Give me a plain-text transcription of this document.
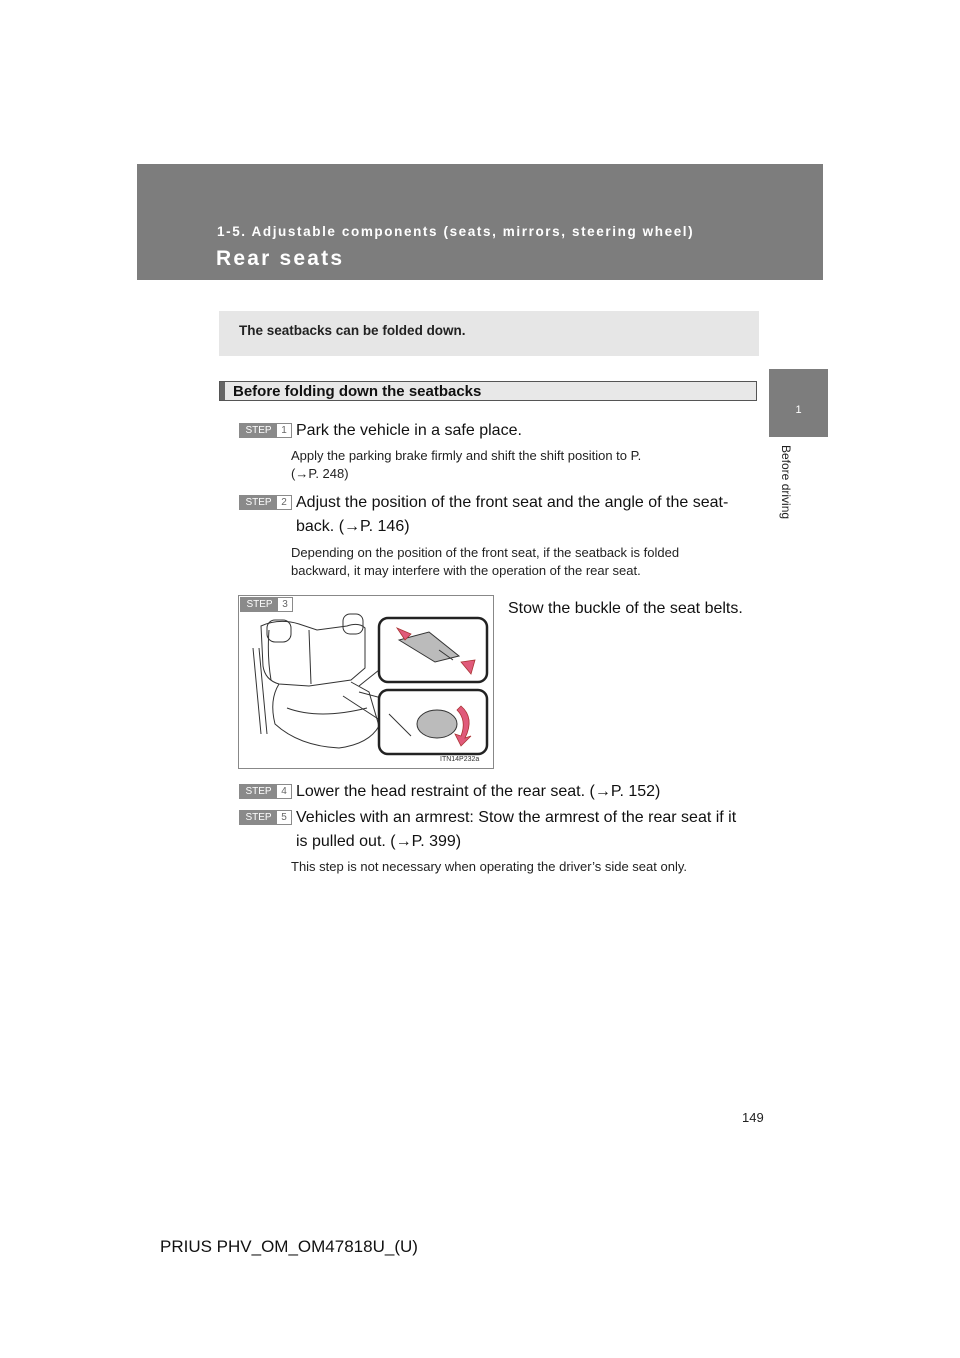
1-5. Adjustable components (seats, mirrors, steering wheel)
Rear seats
1
Before driving
The seatbacks can be folded down.
Before folding down the seatbacks
STEP 1 Park the vehicle in a safe place.
Apply the parking brake firmly and shift the shift position to P.
(→P. 248)
STEP 2 Adjust the position of the front seat and the angle of the seat-
back. (→P. 146)
Depending on the position of the front seat, if the seatback is folded
backward, it may interfere with the operation of the rear seat.
STEP 3
ITN14P232a
Stow the buckle of the seat belts.
STEP 4 Lower the head restraint of the rear seat. (→P. 152)
STEP 5 Vehicles with an armrest: Stow the armrest of the rear seat if it
is pulled out. (→P. 399)
This step is not necessary when operating the driver’s side seat only.
149
PRIUS PHV_OM_OM47818U_(U)
